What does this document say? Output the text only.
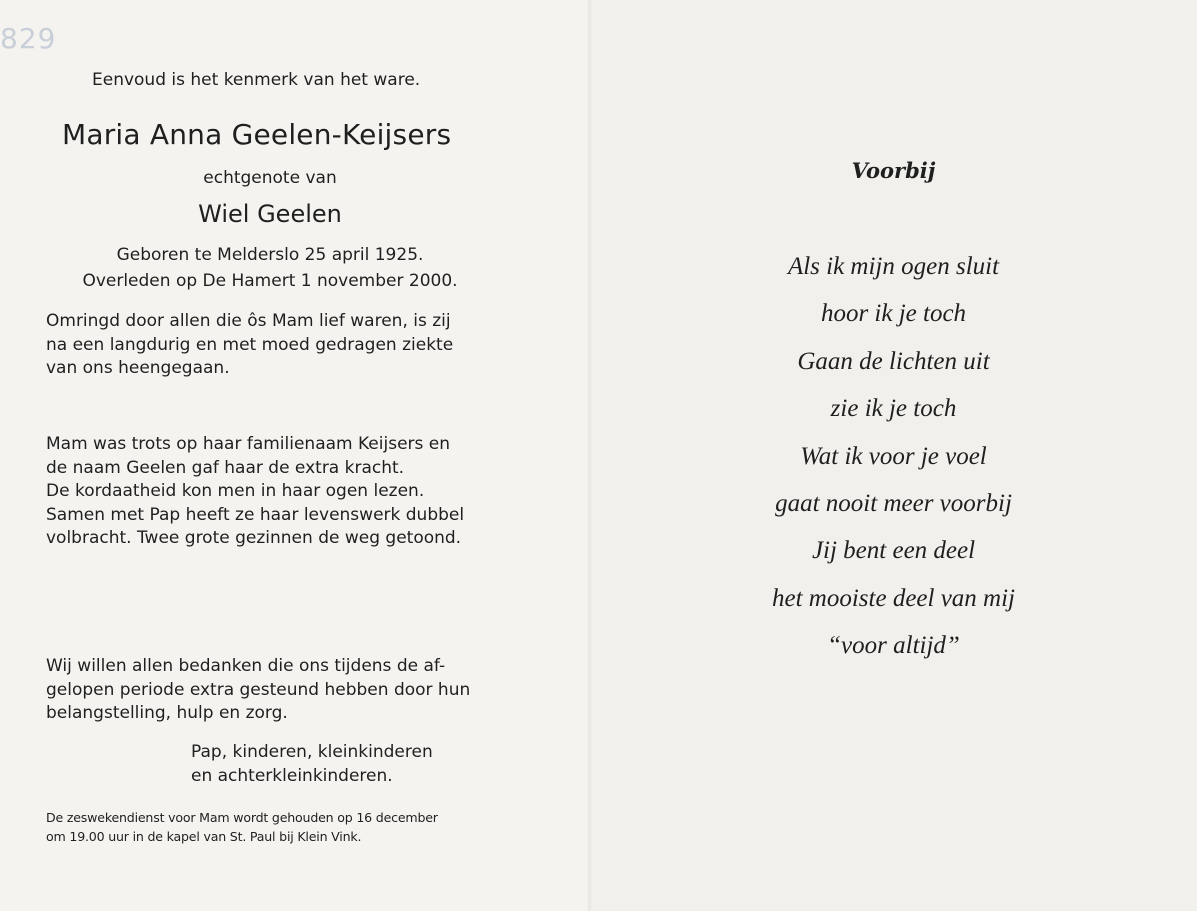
829
Eenvoud is het kenmerk van het ware.
Maria Anna Geelen-Keijsers
echtgenote van
Wiel Geelen
Geboren te Melderslo 25 april 1925.
Overleden op De Hamert 1 november 2000.
Omringd door allen die ôs Mam lief waren, is zij
na een langdurig en met moed gedragen ziekte
van ons heengegaan.
Mam was trots op haar familienaam Keijsers en
de naam Geelen gaf haar de extra kracht.
De kordaatheid kon men in haar ogen lezen.
Samen met Pap heeft ze haar levenswerk dubbel
volbracht. Twee grote gezinnen de weg getoond.
Wij willen allen bedanken die ons tijdens de af-
gelopen periode extra gesteund hebben door hun
belangstelling, hulp en zorg.
Pap, kinderen, kleinkinderen
en achterkleinkinderen.
De zeswekendienst voor Mam wordt gehouden op 16 december
om 19.00 uur in de kapel van St. Paul bij Klein Vink.
Voorbij
Als ik mijn ogen sluit
hoor ik je toch
Gaan de lichten uit
zie ik je toch
Wat ik voor je voel
gaat nooit meer voorbij
Jij bent een deel
het mooiste deel van mij
“voor altijd”
